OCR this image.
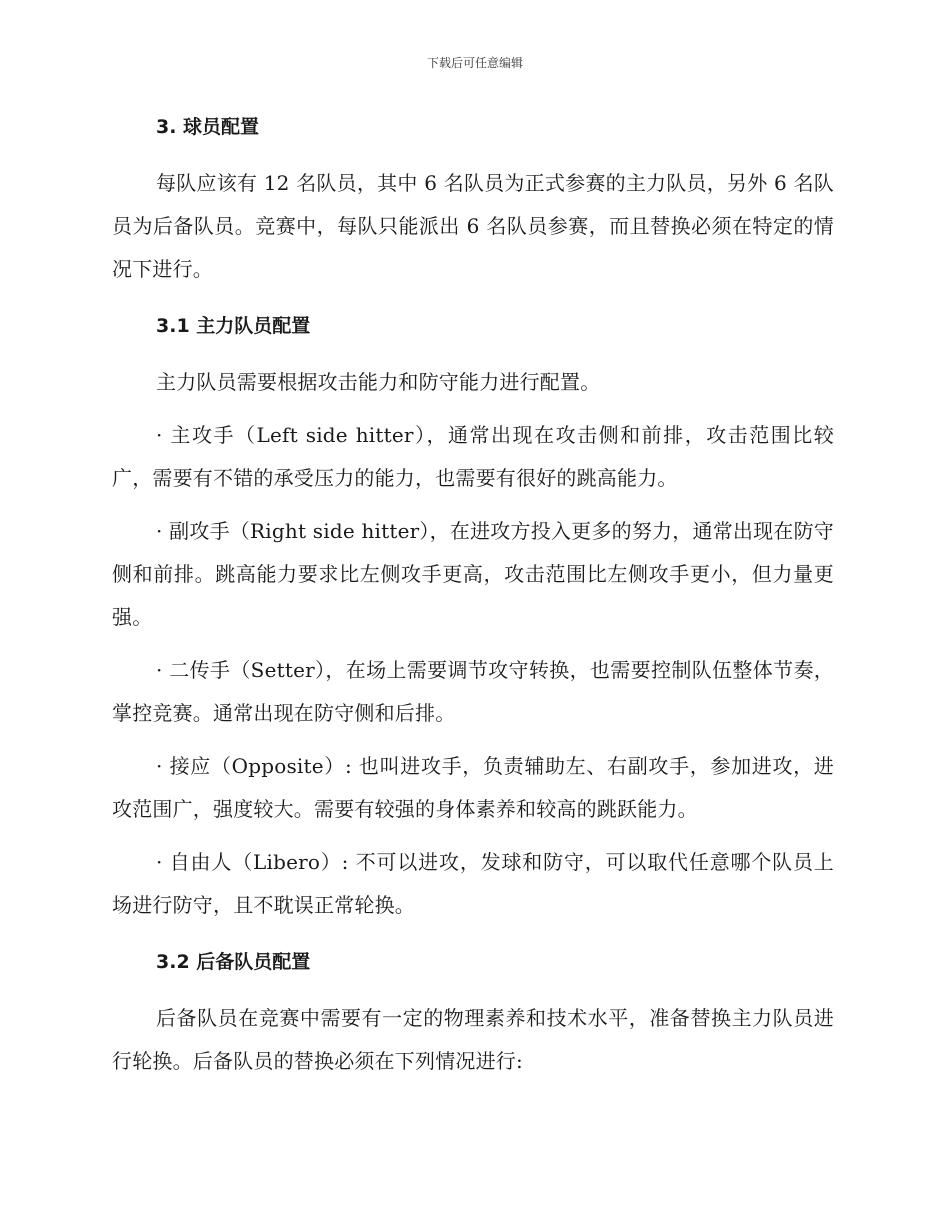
下载后可任意编辑
3. 球员配置

每队应该有 12 名队员，其中 6 名队员为正式参赛的主力队员，另外 6 名队员为后备队员。竞赛中，每队只能派出 6 名队员参赛，而且替换必须在特定的情况下进行。

3.1 主力队员配置

主力队员需要根据攻击能力和防守能力进行配置。

· 主攻手（Left side hitter），通常出现在攻击侧和前排，攻击范围比较广，需要有不错的承受压力的能力，也需要有很好的跳高能力。

· 副攻手（Right side hitter），在进攻方投入更多的努力，通常出现在防守侧和前排。跳高能力要求比左侧攻手更高，攻击范围比左侧攻手更小，但力量更强。

· 二传手（Setter），在场上需要调节攻守转换，也需要控制队伍整体节奏，掌控竞赛。通常出现在防守侧和后排。

· 接应（Opposite）: 也叫进攻手，负责辅助左、右副攻手，参加进攻，进攻范围广，强度较大。需要有较强的身体素养和较高的跳跃能力。

· 自由人（Libero）: 不可以进攻，发球和防守，可以取代任意哪个队员上场进行防守，且不耽误正常轮换。

3.2 后备队员配置

后备队员在竞赛中需要有一定的物理素养和技术水平，准备替换主力队员进行轮换。后备队员的替换必须在下列情况进行:
